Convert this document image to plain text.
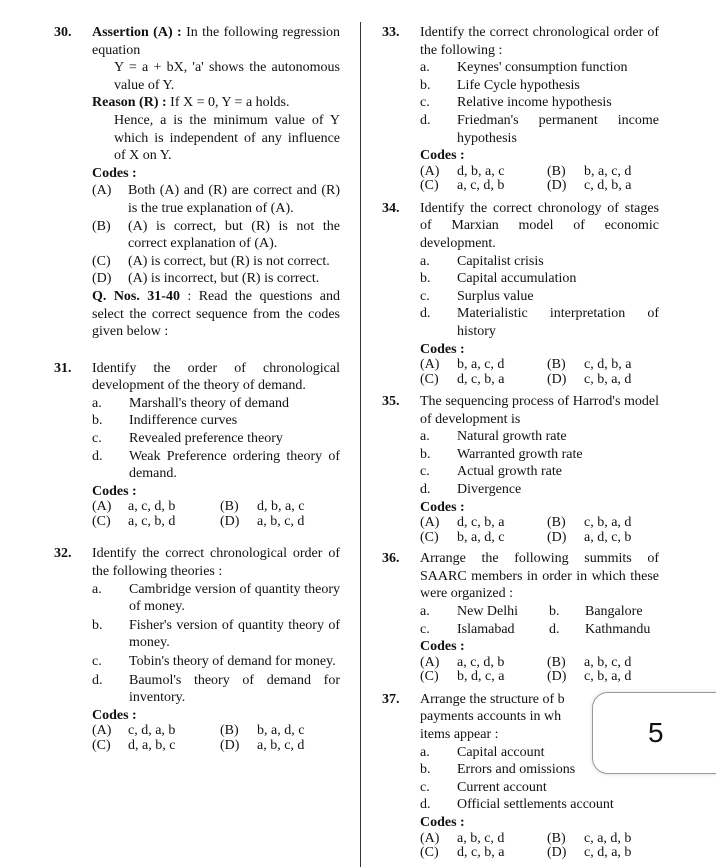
30. Assertion (A) : In the following regression equation
Y = a + bX, 'a' shows the autonomous value of Y.
Reason (R) : If X = 0, Y = a holds.
Hence, a is the minimum value of Y which is independent of any influence of X on Y.
Codes :
(A) Both (A) and (R) are correct and (R) is the true explanation of (A).
(B) (A) is correct, but (R) is not the correct explanation of (A).
(C) (A) is correct, but (R) is not correct.
(D) (A) is incorrect, but (R) is correct.
Q. Nos. 31-40 : Read the questions and select the correct sequence from the codes given below :
31. Identify the order of chronological development of the theory of demand.
a. Marshall's theory of demand
b. Indifference curves
c. Revealed preference theory
d. Weak Preference ordering theory of demand.
Codes :
(A)	a, c, d, b	(B)	d, b, a, c
(C)	a, c, b, d	(D)	a, b, c, d
32. Identify the correct chronological order of the following theories :
a. Cambridge version of quantity theory of money.
b. Fisher's version of quantity theory of money.
c. Tobin's theory of demand for money.
d. Baumol's theory of demand for inventory.
Codes :
(A)	c, d, a, b	(B)	b, a, d, c
(C)	d, a, b, c	(D)	a, b, c, d
33. Identify the correct chronological order of the following :
a. Keynes' consumption function
b. Life Cycle hypothesis
c. Relative income hypothesis
d. Friedman's permanent income hypothesis
Codes :
(A)	d, b, a, c	(B)	b, a, c, d
(C)	a, c, d, b	(D)	c, d, b, a
34. Identify the correct chronology of stages of Marxian model of economic development.
a. Capitalist crisis
b. Capital accumulation
c. Surplus value
d. Materialistic interpretation of history
Codes :
(A)	b, a, c, d	(B)	c, d, b, a
(C)	d, c, b, a	(D)	c, b, a, d
35. The sequencing process of Harrod's model of development is
a. Natural growth rate
b. Warranted growth rate
c. Actual growth rate
d. Divergence
Codes :
(A)	d, c, b, a	(B)	c, b, a, d
(C)	b, a, d, c	(D)	a, d, c, b
36. Arrange the following summits of SAARC members in order in which these were organized :
a.	New Delhi	b.	Bangalore
c.	Islamabad	d.	Kathmandu
Codes :
(A)	a, c, d, b	(B)	a, b, c, d
(C)	b, d, c, a	(D)	c, b, a, d
37. Arrange the structure of b
payments accounts in wh
items appear :
a. Capital account
b. Errors and omissions
c. Current account
d. Official settlements account
Codes :
(A)	a, b, c, d	(B)	c, a, d, b
(C)	d, c, b, a	(D)	c, d, a, b
5
